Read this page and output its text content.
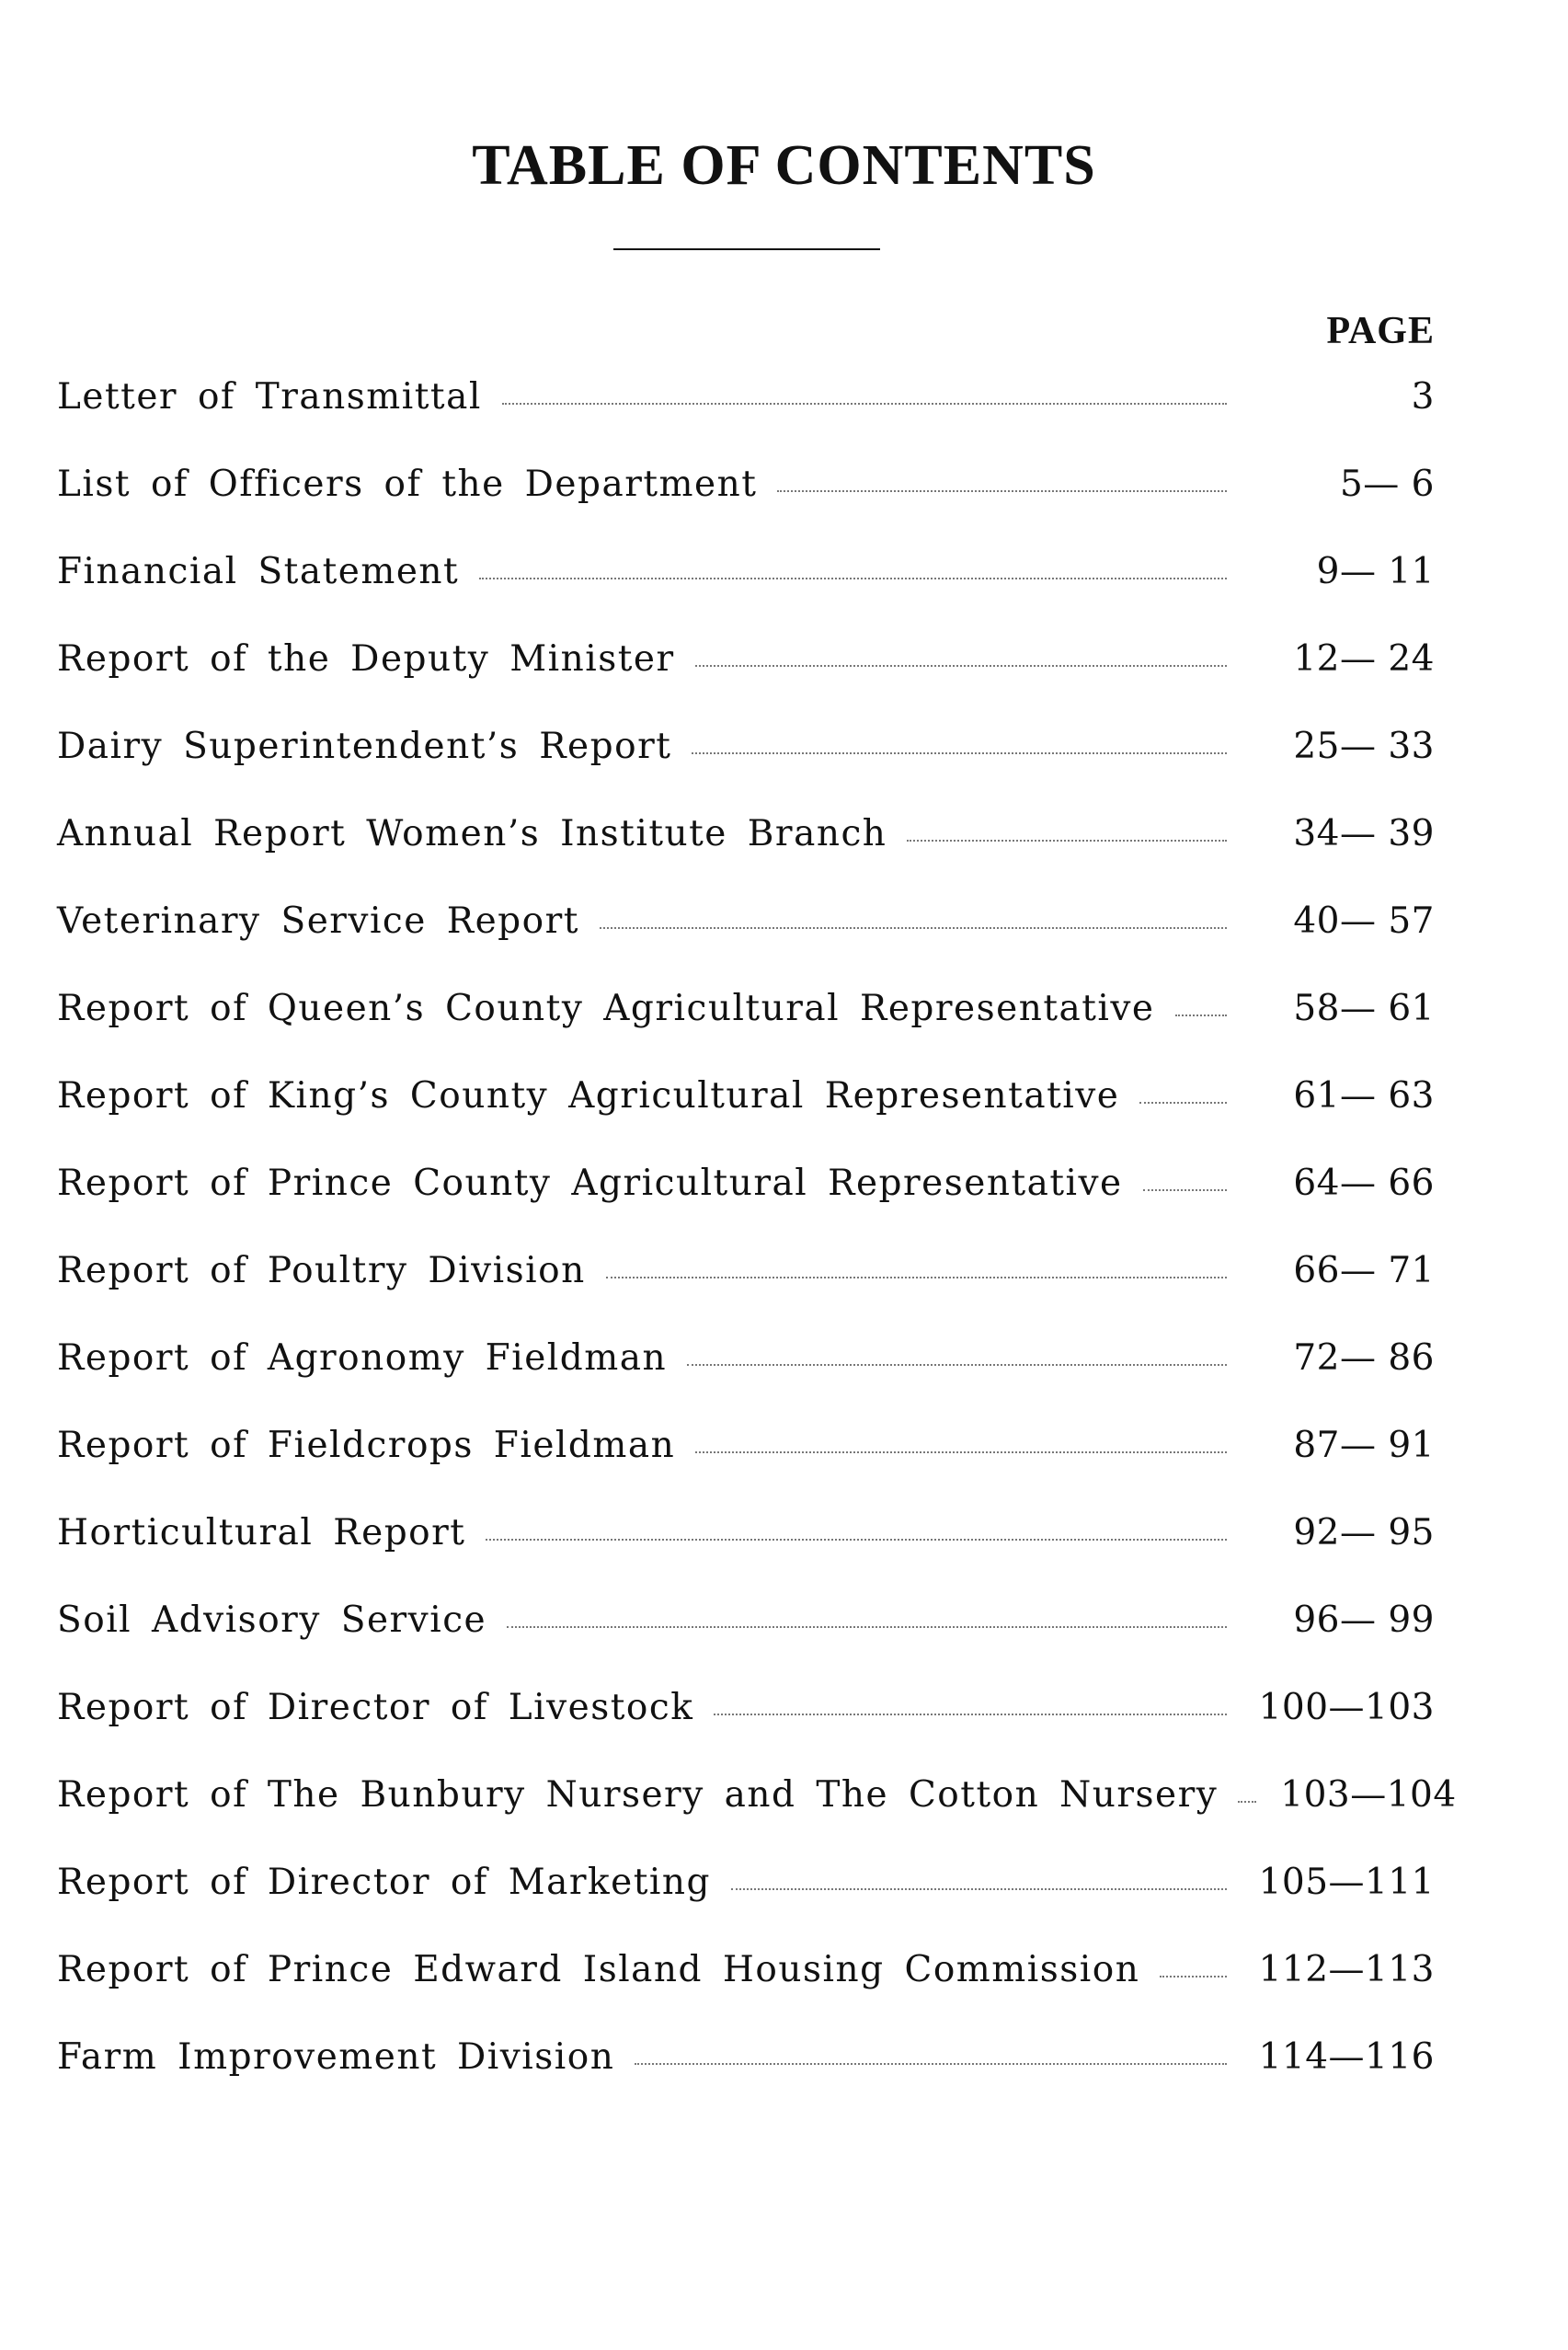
TABLE OF CONTENTS
PAGE
Letter of Transmittal	3
List of Officers of the Department	5— 6
Financial Statement	9— 11
Report of the Deputy Minister	12— 24
Dairy Superintendent’s Report	25— 33
Annual Report Women’s Institute Branch	34— 39
Veterinary Service Report	40— 57
Report of Queen’s County Agricultural Representative	58— 61
Report of King’s County Agricultural Representative	61— 63
Report of Prince County Agricultural Representative	64— 66
Report of Poultry Division	66— 71
Report of Agronomy Fieldman	72— 86
Report of Fieldcrops Fieldman	87— 91
Horticultural Report	92— 95
Soil Advisory Service	96— 99
Report of Director of Livestock	100—103
Report of The Bunbury Nursery and The Cotton Nursery 103—104
Report of Director of Marketing	105—111
Report of Prince Edward Island Housing Commission	112—113
Farm Improvement Division	114—116
